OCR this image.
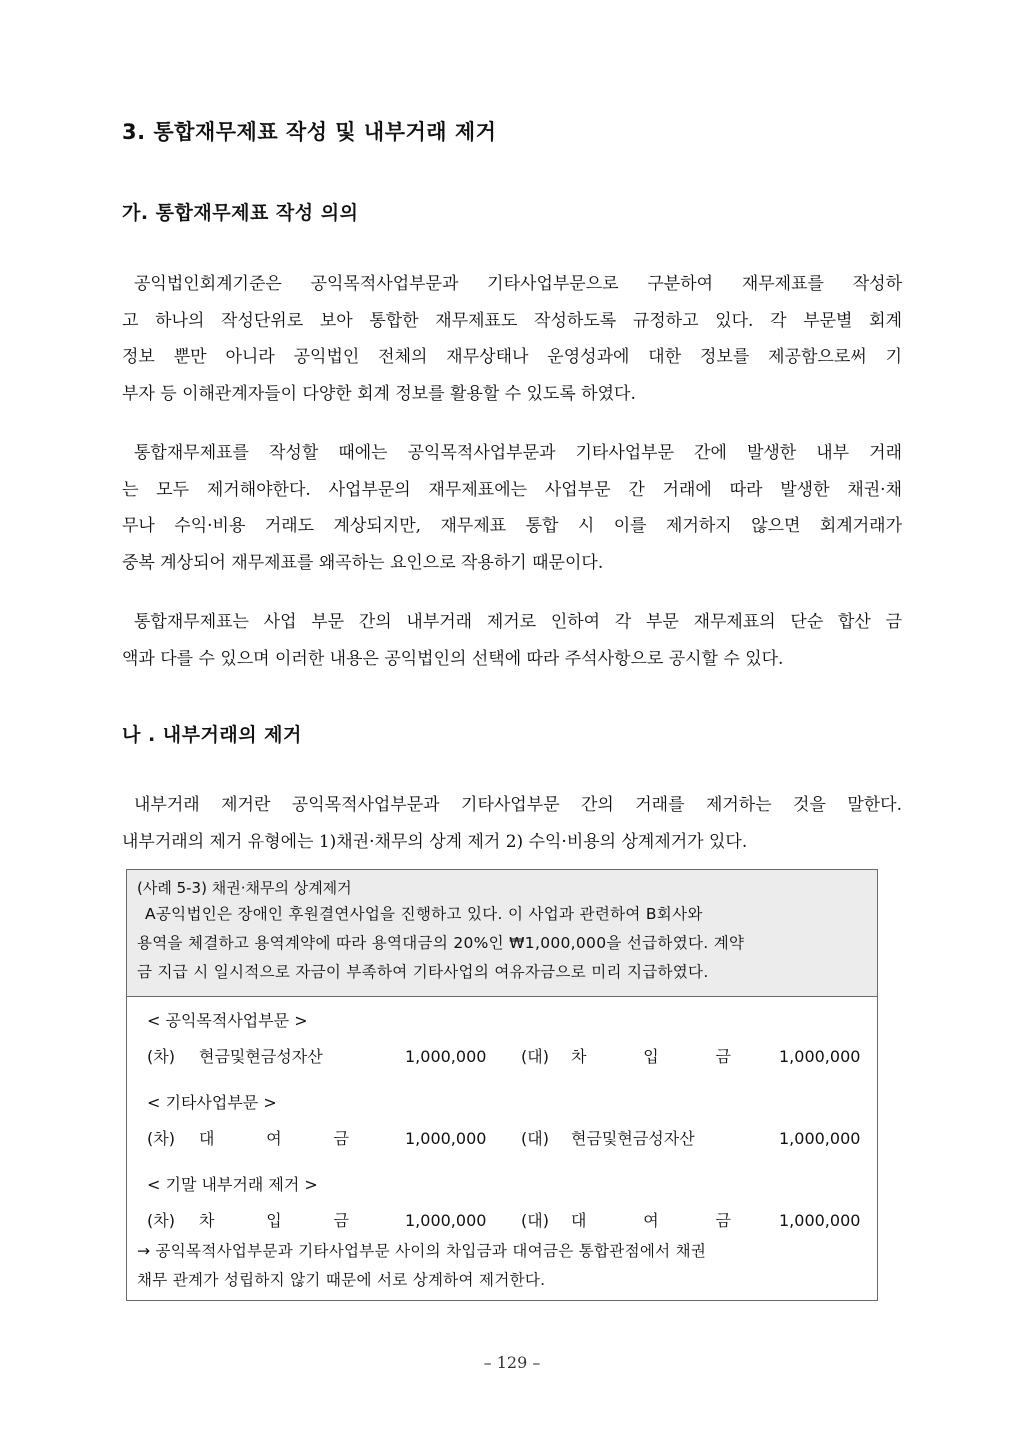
3. 통합재무제표 작성 및 내부거래 제거
가. 통합재무제표 작성 의의
공익법인회계기준은 공익목적사업부문과 기타사업부문으로 구분하여 재무제표를 작성하
고 하나의 작성단위로 보아 통합한 재무제표도 작성하도록 규정하고 있다. 각 부문별 회계
정보 뿐만 아니라 공익법인 전체의 재무상태나 운영성과에 대한 정보를 제공함으로써 기
부자 등 이해관계자들이 다양한 회계 정보를 활용할 수 있도록 하였다.
통합재무제표를 작성할 때에는 공익목적사업부문과 기타사업부문 간에 발생한 내부 거래
는 모두 제거해야한다. 사업부문의 재무제표에는 사업부문 간 거래에 따라 발생한 채권·채
무나 수익·비용 거래도 계상되지만, 재무제표 통합 시 이를 제거하지 않으면 회계거래가
중복 계상되어 재무제표를 왜곡하는 요인으로 작용하기 때문이다.
통합재무제표는 사업 부문 간의 내부거래 제거로 인하여 각 부문 재무제표의 단순 합산 금
액과 다를 수 있으며 이러한 내용은 공익법인의 선택에 따라 주석사항으로 공시할 수 있다.
나 . 내부거래의 제거
내부거래 제거란 공익목적사업부문과 기타사업부문 간의 거래를 제거하는 것을 말한다.
내부거래의 제거 유형에는 1)채권·채무의 상계 제거 2) 수익·비용의 상계제거가 있다.
(사례 5-3) 채권·채무의 상계제거
A공익법인은 장애인 후원결연사업을 진행하고 있다. 이 사업과 관련하여 B회사와
용역을 체결하고 용역계약에 따라 용역대금의 20%인 ₩1,000,000을 선급하였다. 계약
금 지급 시 일시적으로 자금이 부족하여 기타사업의 여유자금으로 미리 지급하였다.
< 공익목적사업부문 >
(차) 현금및현금성자산	1,000,000 (대) 차	입	금	1,000,000
< 기타사업부문 >
(차) 대	여	금	1,000,000 (대) 현금및현금성자산	1,000,000
< 기말 내부거래 제거 >
(차) 차	입	금	1,000,000 (대) 대	여	금	1,000,000
→ 공익목적사업부문과 기타사업부문 사이의 차입금과 대여금은 통합관점에서 채권
채무 관계가 성립하지 않기 때문에 서로 상계하여 제거한다.
– 129 –
